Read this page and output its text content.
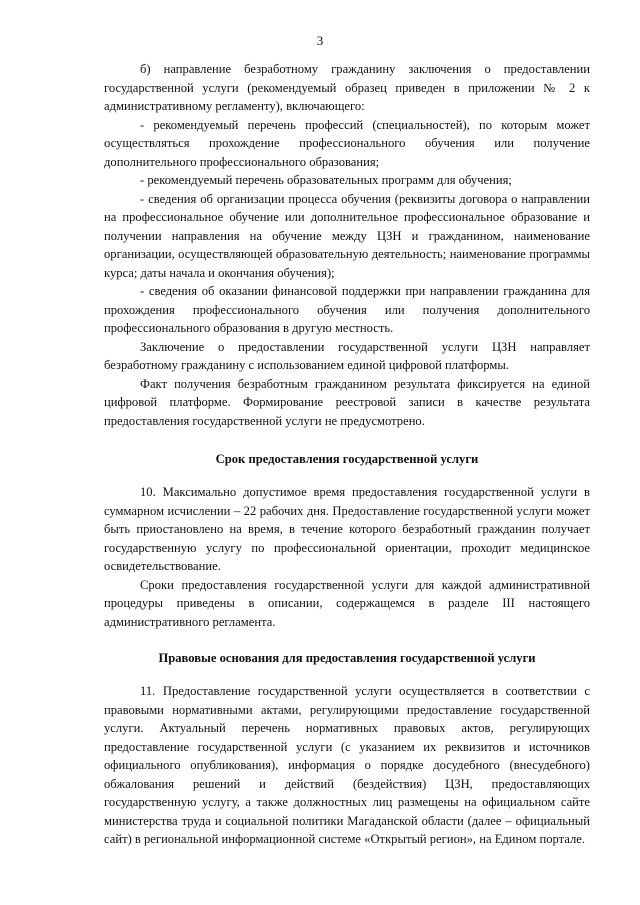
3

б) направление безработному гражданину заключения о предоставлении государственной услуги (рекомендуемый образец приведен в приложении № 2 к административному регламенту), включающего:

- рекомендуемый перечень профессий (специальностей), по которым может осуществляться прохождение профессионального обучения или получение дополнительного профессионального образования;

- рекомендуемый перечень образовательных программ для обучения;

- сведения об организации процесса обучения (реквизиты договора о направлении на профессиональное обучение или дополнительное профессиональное образование и получении направления на обучение между ЦЗН и гражданином, наименование организации, осуществляющей образовательную деятельность; наименование программы курса; даты начала и окончания обучения);

- сведения об оказании финансовой поддержки при направлении гражданина для прохождения профессионального обучения или получения дополнительного профессионального образования в другую местность.

Заключение о предоставлении государственной услуги ЦЗН направляет безработному гражданину с использованием единой цифровой платформы.

Факт получения безработным гражданином результата фиксируется на единой цифровой платформе. Формирование реестровой записи в качестве результата предоставления государственной услуги не предусмотрено.

Срок предоставления государственной услуги

10. Максимально допустимое время предоставления государственной услуги в суммарном исчислении – 22 рабочих дня. Предоставление государственной услуги может быть приостановлено на время, в течение которого безработный гражданин получает государственную услугу по профессиональной ориентации, проходит медицинское освидетельствование.

Сроки предоставления государственной услуги для каждой административной процедуры приведены в описании, содержащемся в разделе III настоящего административного регламента.

Правовые основания для предоставления государственной услуги

11. Предоставление государственной услуги осуществляется в соответствии с правовыми нормативными актами, регулирующими предоставление государственной услуги. Актуальный перечень нормативных правовых актов, регулирующих предоставление государственной услуги (с указанием их реквизитов и источников официального опубликования), информация о порядке досудебного (внесудебного) обжалования решений и действий (бездействия) ЦЗН, предоставляющих государственную услугу, а также должностных лиц размещены на официальном сайте министерства труда и социальной политики Магаданской области (далее – официальный сайт) в региональной информационной системе «Открытый регион», на Едином портале.
